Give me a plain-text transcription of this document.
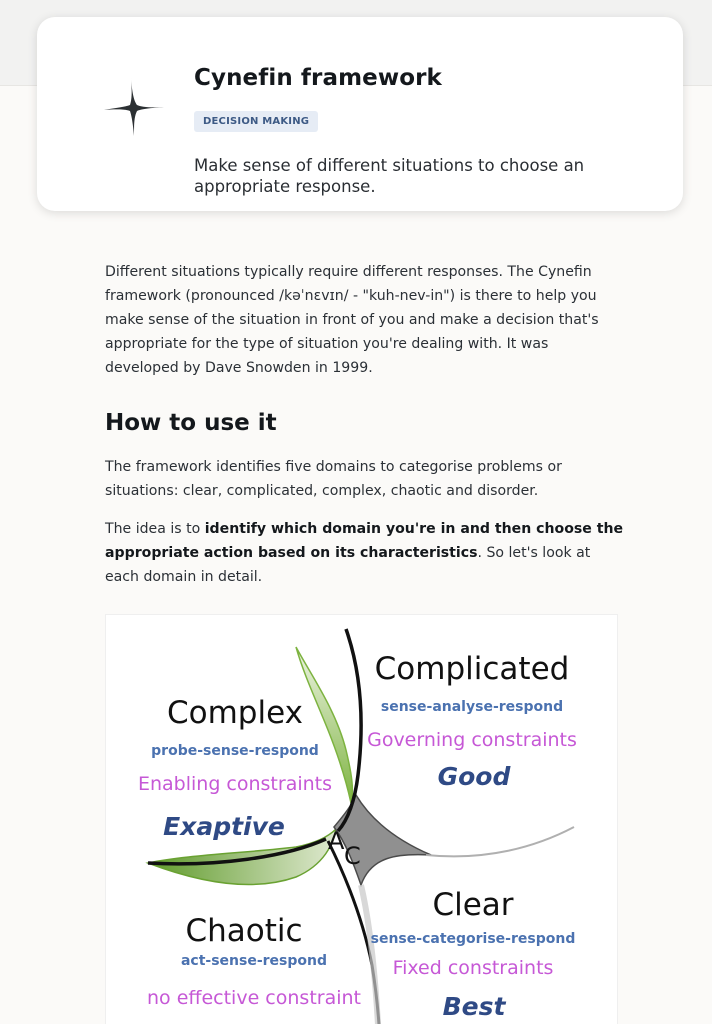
Cynefin framework
DECISION MAKING
Make sense of different situations to choose an appropriate response.

Different situations typically require different responses. The Cynefin framework (pronounced /kəˈnɛvɪn/ - "kuh-nev-in") is there to help you make sense of the situation in front of you and make a decision that's appropriate for the type of situation you're dealing with. It was developed by Dave Snowden in 1999.

How to use it

The framework identifies five domains to categorise problems or situations: clear, complicated, complex, chaotic and disorder.

The idea is to identify which domain you're in and then choose the appropriate action based on its characteristics. So let's look at each domain in detail.

A
C
Complicated
sense-analyse-respond
Governing constraints
Good
Complex
probe-sense-respond
Enabling constraints
Exaptive
Clear
sense-categorise-respond
Fixed constraints
Best
Chaotic
act-sense-respond
no effective constraint
